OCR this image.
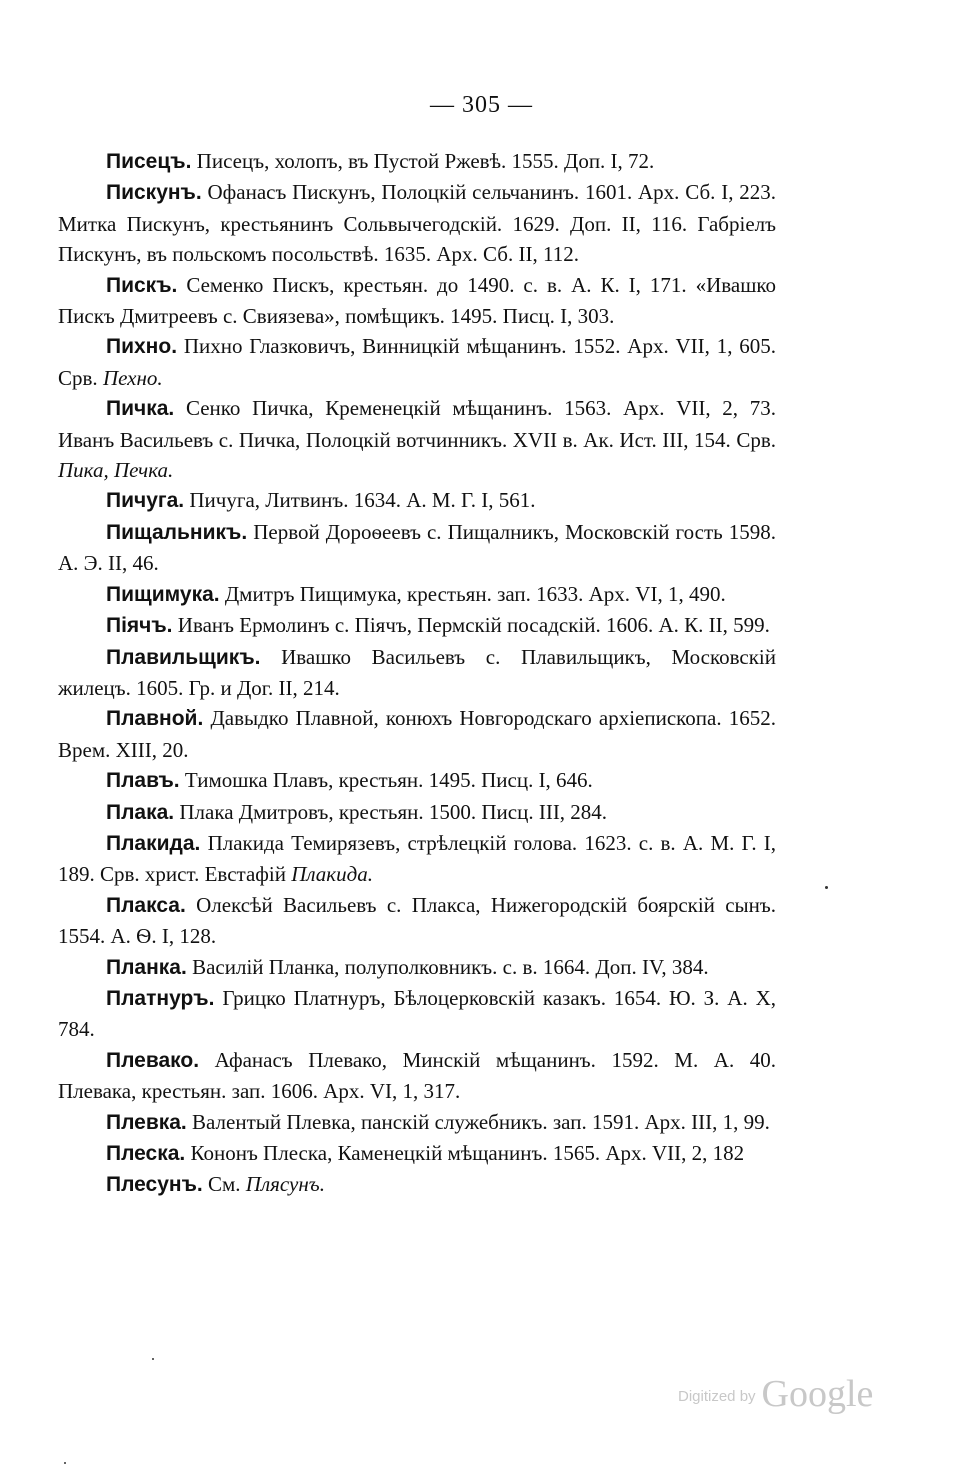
— 305 —

Писецъ. Писецъ, холопъ, въ Пустой Ржевѣ. 1555. Доп. I, 72.

Пискунъ. Офанасъ Пискунъ, Полоцкій сельчанинъ. 1601. Арх. Сб. I, 223. Митка Пискунъ, крестьянинъ Сольвычегодскій. 1629. Доп. II, 116. Габріелъ Пискунъ, въ польскомъ посольствѣ. 1635. Арх. Сб. II, 112.

Пискъ. Семенко Пискъ, крестьян. до 1490. с. в. А. К. I, 171. «Ивашко Пискъ Дмитреевъ с. Свиязева», помѣщикъ. 1495. Писц. I, 303.

Пихно. Пихно Глазковичъ, Винницкій мѣщанинъ. 1552. Арх. VII, 1, 605. Срв. Пехно.

Пичка. Сенко Пичка, Кременецкій мѣщанинъ. 1563. Арх. VII, 2, 73. Иванъ Васильевъ с. Пичка, Полоцкій вотчинникъ. XVII в. Ак. Ист. III, 154. Срв. Пика, Печка.

Пичуга. Пичуга, Литвинъ. 1634. А. М. Г. I, 561.

Пищальникъ. Первой Дороѳеевъ с. Пищалникъ, Московскій гость 1598. А. Э. II, 46.

Пищимука. Дмитръ Пищимука, крестьян. зап. 1633. Арх. VI, 1, 490.

Піячъ. Иванъ Ермолинъ с. Піячъ, Пермскій посадскій. 1606. А. К. II, 599.

Плавильщикъ. Ивашко Васильевъ с. Плавильщикъ, Московскій жилецъ. 1605. Гр. и Дог. II, 214.

Плавной. Давыдко Плавной, конюхъ Новгородскаго архіепископа. 1652. Врем. XIII, 20.

Плавъ. Тимошка Плавъ, крестьян. 1495. Писц. I, 646.

Плака. Плака Дмитровъ, крестьян. 1500. Писц. III, 284.

Плакида. Плакида Темирязевъ, стрѣлецкій голова. 1623. с. в. А. М. Г. I, 189. Срв. христ. Евстафій Плакида.

Плакса. Олексѣй Васильевъ с. Плакса, Нижегородскій боярскій сынъ. 1554. А. Ѳ. I, 128.

Планка. Василій Планка, полуполковникъ. с. в. 1664. Доп. IV, 384.

Платнуръ. Грицко Платнуръ, Бѣлоцерковскій казакъ. 1654. Ю. З. А. X, 784.

Плевако. Афанасъ Плевако, Минскій мѣщанинъ. 1592. М. А. 40. Плевака, крестьян. зап. 1606. Арх. VI, 1, 317.

Плевка. Валентый Плевка, панскій служебникъ. зап. 1591. Арх. III, 1, 99.

Плеска. Кононъ Плеска, Каменецкій мѣщанинъ. 1565. Арх. VII, 2, 182

Плесунъ. См. Плясунъ.

Digitized by Google
